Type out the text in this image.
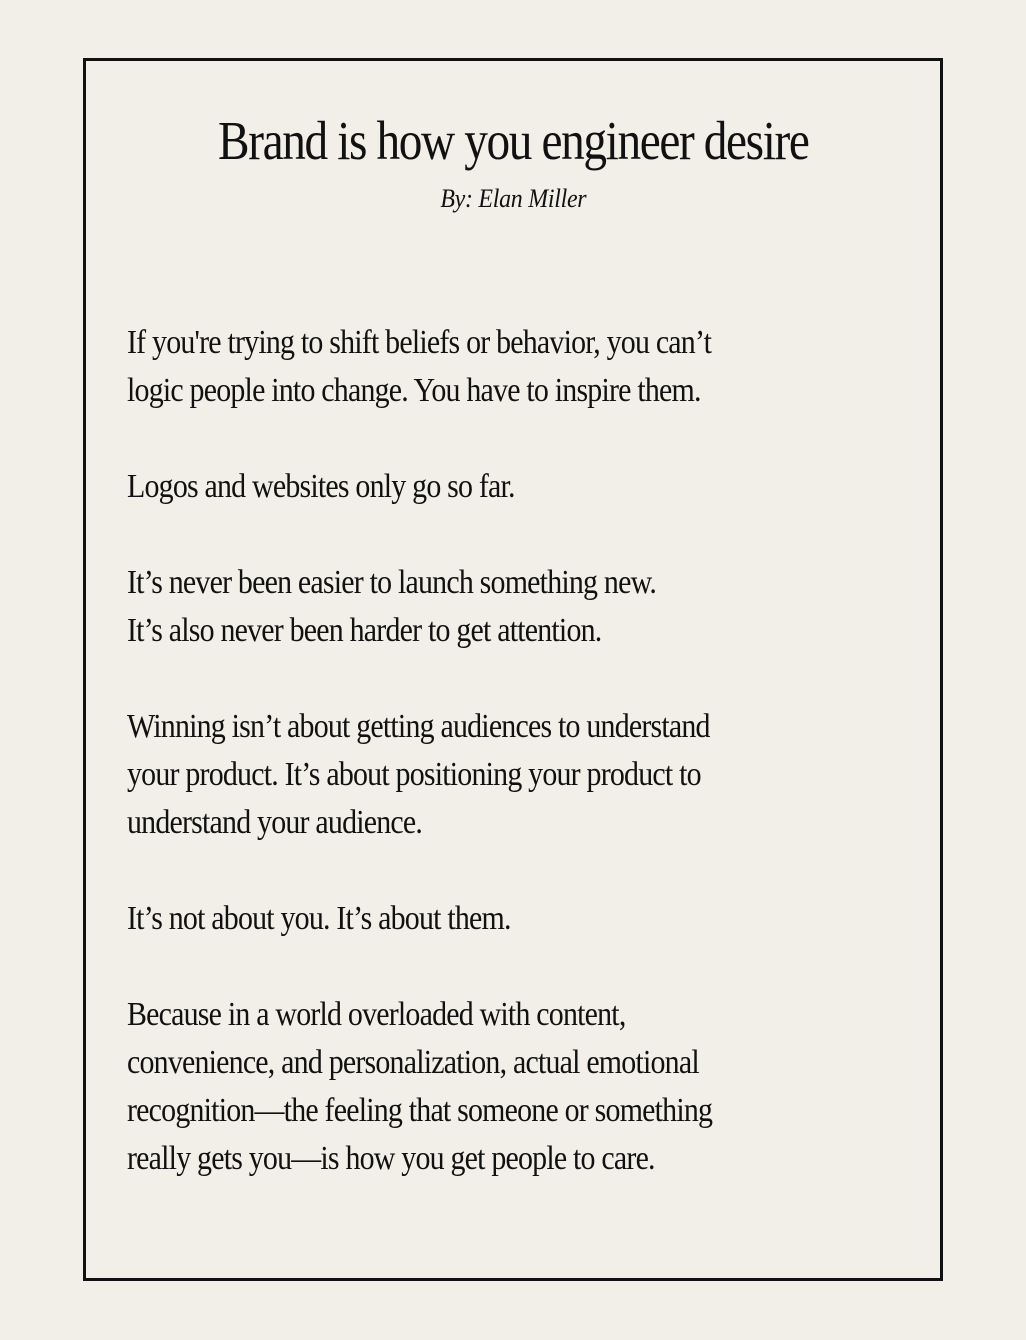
Brand is how you engineer desire
By: Elan Miller

If you're trying to shift beliefs or behavior, you can’t
logic people into change. You have to inspire them.

Logos and websites only go so far.

It’s never been easier to launch something new.
It’s also never been harder to get attention.

Winning isn’t about getting audiences to understand
your product. It’s about positioning your product to
understand your audience.

It’s not about you. It’s about them.

Because in a world overloaded with content,
convenience, and personalization, actual emotional
recognition—the feeling that someone or something
really gets you—is how you get people to care.
